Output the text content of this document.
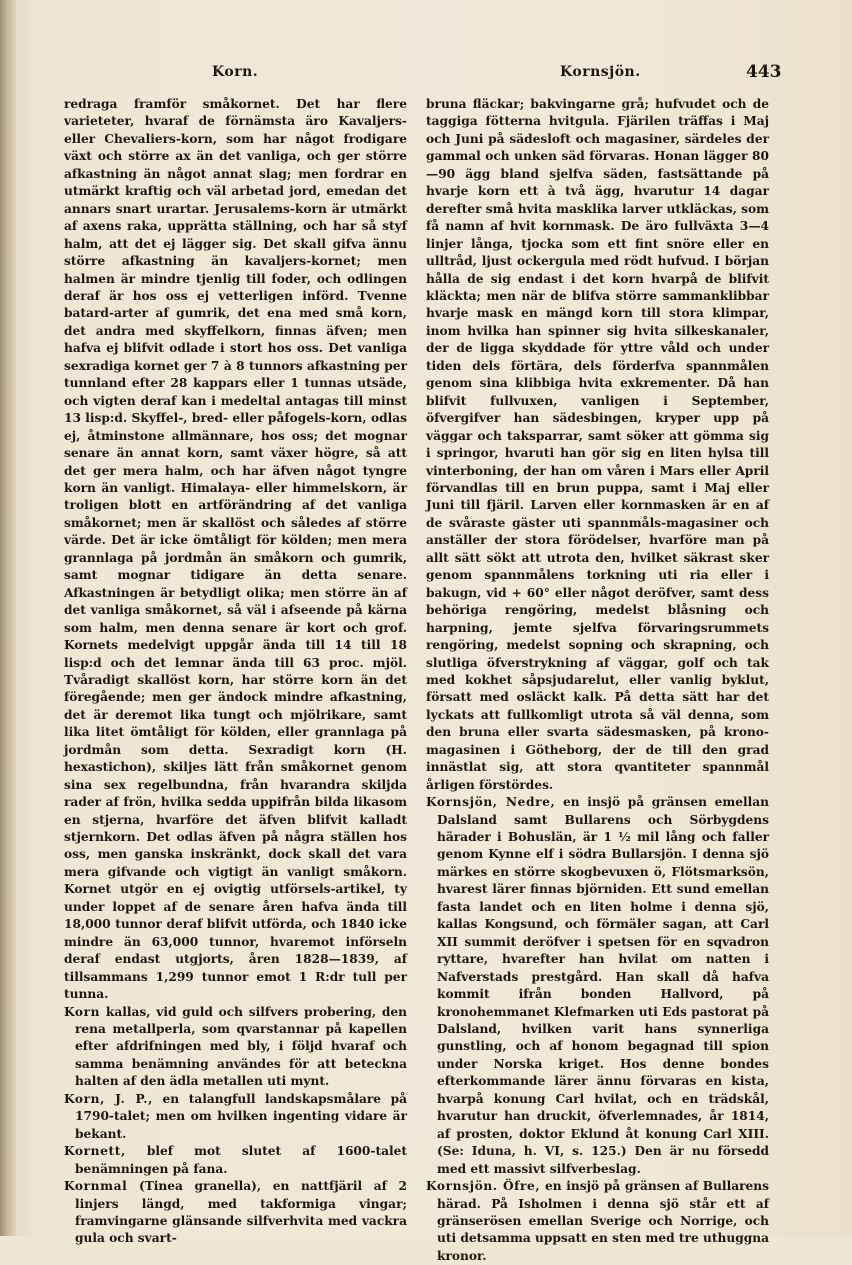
Korn.	Kornsjön.	443

redraga framför småkornet. Det har flere varieteter, hvaraf de förnämsta äro Kavaljers- eller Chevaliers-korn, som har något frodigare växt och större ax än det vanliga, och ger större afkastning än något annat slag; men fordrar en utmärkt kraftig och väl arbetad jord, emedan det annars snart urartar. Jerusalems-korn är utmärkt af axens raka, upprätta ställning, och har så styf halm, att det ej lägger sig. Det skall gifva ännu större afkastning än kavaljers-kornet; men halmen är mindre tjenlig till foder, och odlingen deraf är hos oss ej vetterligen införd. Tvenne batard-arter af gumrik, det ena med små korn, det andra med skyffelkorn, finnas äfven; men hafva ej blifvit odlade i stort hos oss. Det vanliga sexradiga kornet ger 7 à 8 tunnors afkastning per tunnland efter 28 kappars eller 1 tunnas utsäde, och vigten deraf kan i medeltal antagas till minst 13 lisp:d. Skyffel-, bred- eller påfogels-korn, odlas ej, åtminstone allmännare, hos oss; det mognar senare än annat korn, samt växer högre, så att det ger mera halm, och har äfven något tyngre korn än vanligt. Himalaya- eller himmelskorn, är troligen blott en artförändring af det vanliga småkornet; men är skallöst och således af större värde. Det är icke ömtåligt för kölden; men mera grannlaga på jordmån än småkorn och gumrik, samt mognar tidigare än detta senare. Afkastningen är betydligt olika; men större än af det vanliga småkornet, så väl i afseende på kärna som halm, men denna senare är kort och grof. Kornets medelvigt uppgår ända till 14 till 18 lisp:d och det lemnar ända till 63 proc. mjöl. Tvåradigt skallöst korn, har större korn än det föregående; men ger ändock mindre afkastning, det är deremot lika tungt och mjölrikare, samt lika litet ömtåligt för kölden, eller grannlaga på jordmån som detta. Sexradigt korn (H. hexastichon), skiljes lätt från småkornet genom sina sex regelbundna, från hvarandra skiljda rader af frön, hvilka sedda uppifrån bilda likasom en stjerna, hvarföre det äfven blifvit kalladt stjernkorn. Det odlas äfven på några ställen hos oss, men ganska inskränkt, dock skall det vara mera gifvande och vigtigt än vanligt småkorn. Kornet utgör en ej ovigtig utförsels-artikel, ty under loppet af de senare åren hafva ända till 18,000 tunnor deraf blifvit utförda, och 1840 icke mindre än 63,000 tunnor, hvaremot införseln deraf endast utgjorts, åren 1828—1839, af tillsammans 1,299 tunnor emot 1 R:dr tull per tunna.

Korn kallas, vid guld och silfvers probering, den rena metallperla, som qvarstannar på kapellen efter afdrifningen med bly, i följd hvaraf och samma benämning användes för att beteckna halten af den ädla metallen uti mynt.

Korn, J. P., en talangfull landskapsmålare på 1790-talet; men om hvilken ingenting vidare är bekant.

Kornett, blef mot slutet af 1600-talet benämningen på fana.

Kornmal (Tinea granella), en nattfjäril af 2 linjers längd, med takformiga vingar; framvingarne glänsande silfverhvita med vackra gula och svart-

bruna fläckar; bakvingarne grå; hufvudet och de taggiga fötterna hvitgula. Fjärilen träffas i Maj och Juni på sädesloft och magasiner, särdeles der gammal och unken säd förvaras. Honan lägger 80—90 ägg bland sjelfva säden, fastsättande på hvarje korn ett à två ägg, hvarutur 14 dagar derefter små hvita masklika larver utkläckas, som få namn af hvit kornmask. De äro fullväxta 3—4 linjer långa, tjocka som ett fint snöre eller en ulltråd, ljust ockergula med rödt hufvud. I början hålla de sig endast i det korn hvarpå de blifvit kläckta; men när de blifva större sammanklibbar hvarje mask en mängd korn till stora klimpar, inom hvilka han spinner sig hvita silkeskanaler, der de ligga skyddade för yttre våld och under tiden dels förtära, dels förderfva spannmålen genom sina klibbiga hvita exkrementer. Då han blifvit fullvuxen, vanligen i September, öfvergifver han sädesbingen, kryper upp på väggar och taksparrar, samt söker att gömma sig i springor, hvaruti han gör sig en liten hylsa till vinterboning, der han om våren i Mars eller April förvandlas till en brun puppa, samt i Maj eller Juni till fjäril. Larven eller kornmasken är en af de svåraste gäster uti spannmåls-magasiner och anställer der stora förödelser, hvarföre man på allt sätt sökt att utrota den, hvilket säkrast sker genom spannmålens torkning uti ria eller i bakugn, vid + 60° eller något deröfver, samt dess behöriga rengöring, medelst blåsning och harpning, jemte sjelfva förvaringsrummets rengöring, medelst sopning och skrapning, och slutliga öfverstrykning af väggar, golf och tak med kokhet såpsjudarelut, eller vanlig byklut, försatt med osläckt kalk. På detta sätt har det lyckats att fullkomligt utrota så väl denna, som den bruna eller svarta sädesmasken, på krono-magasinen i Götheborg, der de till den grad innästlat sig, att stora qvantiteter spannmål årligen förstördes.

Kornsjön, Nedre, en insjö på gränsen emellan Dalsland samt Bullarens och Sörbygdens härader i Bohuslän, är 1 ½ mil lång och faller genom Kynne elf i södra Bullarsjön. I denna sjö märkes en större skogbevuxen ö, Flötsmarksön, hvarest lärer finnas björniden. Ett sund emellan fasta landet och en liten holme i denna sjö, kallas Kongsund, och förmäler sagan, att Carl XII summit deröfver i spetsen för en sqvadron ryttare, hvarefter han hvilat om natten i Nafverstads prestgård. Han skall då hafva kommit ifrån bonden Hallvord, på kronohemmanet Klefmarken uti Eds pastorat på Dalsland, hvilken varit hans synnerliga gunstling, och af honom begagnad till spion under Norska kriget. Hos denne bondes efterkommande lärer ännu förvaras en kista, hvarpå konung Carl hvilat, och en trädskål, hvarutur han druckit, öfverlemnades, år 1814, af prosten, doktor Eklund åt konung Carl XIII. (Se: Iduna, h. VI, s. 125.) Den är nu försedd med ett massivt silfverbeslag.

Kornsjön. Öfre, en insjö på gränsen af Bullarens härad. På Isholmen i denna sjö står ett af gränserösen emellan Sverige och Norrige, och uti detsamma uppsatt en sten med tre uthuggna kronor.
